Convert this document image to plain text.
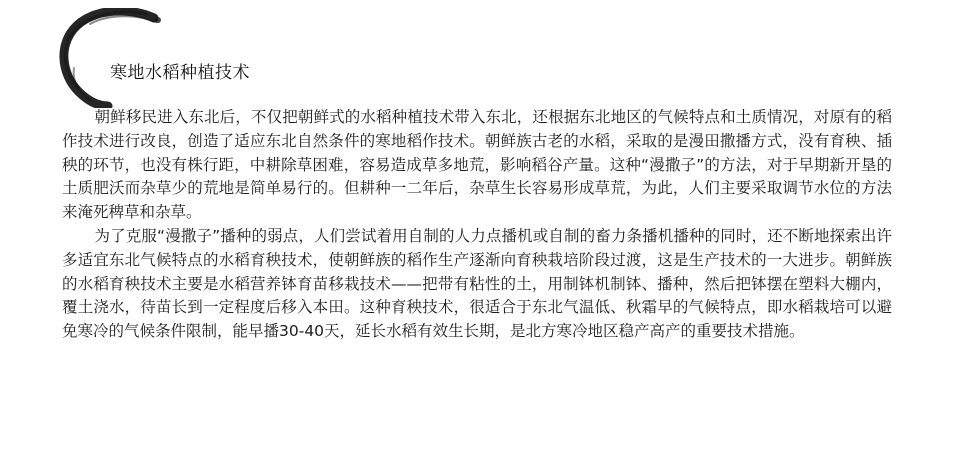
寒地水稻种植技术

朝鲜移民进入东北后，不仅把朝鲜式的水稻种植技术带入东北，还根据东北地区的气候特点和土质情况，对原有的稻作技术进行改良，创造了适应东北自然条件的寒地稻作技术。朝鲜族古老的水稻，采取的是漫田撒播方式，没有育秧、插秧的环节，也没有株行距，中耕除草困难，容易造成草多地荒，影响稻谷产量。这种“漫撒子”的方法，对于早期新开垦的土质肥沃而杂草少的荒地是简单易行的。但耕种一二年后，杂草生长容易形成草荒，为此，人们主要采取调节水位的方法来淹死稗草和杂草。

为了克服“漫撒子”播种的弱点，人们尝试着用自制的人力点播机或自制的畜力条播机播种的同时，还不断地探索出许多适宜东北气候特点的水稻育秧技术，使朝鲜族的稻作生产逐渐向育秧栽培阶段过渡，这是生产技术的一大进步。朝鲜族的水稻育秧技术主要是水稻营养钵育苗移栽技术——把带有粘性的土，用制钵机制钵、播种，然后把钵摆在塑料大棚内，覆土浇水，待苗长到一定程度后移入本田。这种育秧技术，很适合于东北气温低、秋霜早的气候特点，即水稻栽培可以避免寒冷的气候条件限制，能早播30-40天，延长水稻有效生长期，是北方寒冷地区稳产高产的重要技术措施。
